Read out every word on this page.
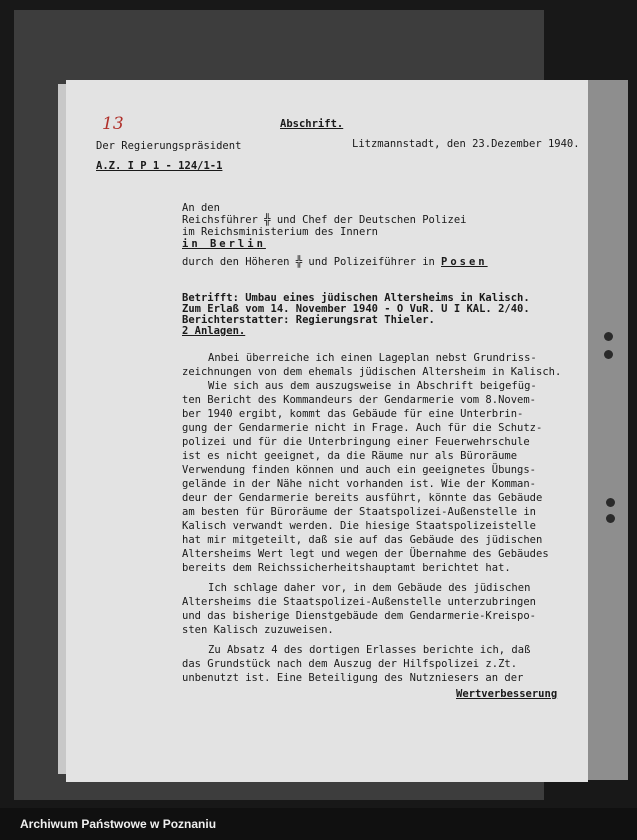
13	Abschrift.
Der Regierungspräsident	Litzmannstadt, den 23.Dezember 1940.
A.Z. I P 1 - 124/1-1
An den
Reichsführer ╬ und Chef der Deutschen Polizei
im Reichsministerium des Innern
in Berlin
durch den Höheren ╬ und Polizeiführer in Posen
Betrifft: Umbau eines jüdischen Altersheims in Kalisch.
Zum Erlaß vom 14. November 1940 - O VuR. U I KAL. 2/40.
Berichterstatter: Regierungsrat Thieler.
2 Anlagen.
Anbei überreiche ich einen Lageplan nebst Grundriss-
zeichnungen von dem ehemals jüdischen Altersheim in Kalisch.
Wie sich aus dem auszugsweise in Abschrift beigefüg-
ten Bericht des Kommandeurs der Gendarmerie vom 8.Novem-
ber 1940 ergibt, kommt das Gebäude für eine Unterbrin-
gung der Gendarmerie nicht in Frage. Auch für die Schutz-
polizei und für die Unterbringung einer Feuerwehrschule
ist es nicht geeignet, da die Räume nur als Büroräume
Verwendung finden können und auch ein geeignetes Übungs-
gelände in der Nähe nicht vorhanden ist. Wie der Komman-
deur der Gendarmerie bereits ausführt, könnte das Gebäude
am besten für Büroräume der Staatspolizei-Außenstelle in
Kalisch verwandt werden. Die hiesige Staatspolizeistelle
hat mir mitgeteilt, daß sie auf das Gebäude des jüdischen
Altersheims Wert legt und wegen der Übernahme des Gebäudes
bereits dem Reichssicherheitshauptamt berichtet hat.
Ich schlage daher vor, in dem Gebäude des jüdischen
Altersheims die Staatspolizei-Außenstelle unterzubringen
und das bisherige Dienstgebäude dem Gendarmerie-Kreispo-
sten Kalisch zuzuweisen.
Zu Absatz 4 des dortigen Erlasses berichte ich, daß
das Grundstück nach dem Auszug der Hilfspolizei z.Zt.
unbenutzt ist. Eine Beteiligung des Nutzniesers an der
Wertverbesserung
Archiwum Państwowe w Poznaniu
